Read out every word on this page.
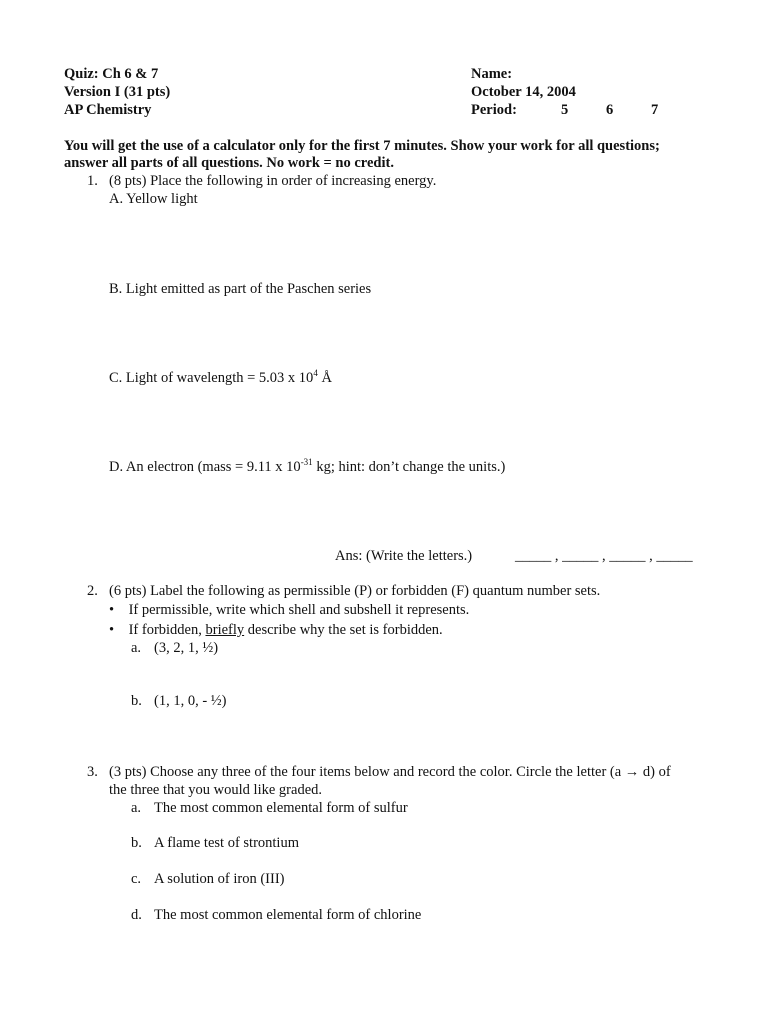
Quiz: Ch 6 & 7
Version I (31 pts)
AP Chemistry
Name:
October 14, 2004
Period:	5	6	7
You will get the use of a calculator only for the first 7 minutes. Show your work for all questions;
answer all parts of all questions. No work = no credit.
1. (8 pts) Place the following in order of increasing energy.
A. Yellow light
B. Light emitted as part of the Paschen series
C. Light of wavelength = 5.03 x $10^4$ Å
D. An electron (mass = 9.11 x $10^{-31}$ kg; hint: don’t change the units.)
Ans: (Write the letters.)	_____ , _____ , _____ , _____
2. (6 pts) Label the following as permissible (P) or forbidden (F) quantum number sets.
•    If permissible, write which shell and subshell it represents.
•    If forbidden, briefly describe why the set is forbidden.
a. (3, 2, 1, ½)
b. (1, 1, 0, - ½)
3. (3 pts) Choose any three of the four items below and record the color. Circle the letter (a → d) of
the three that you would like graded.
a. The most common elemental form of sulfur
b. A flame test of strontium
c. A solution of iron (III)
d. The most common elemental form of chlorine
